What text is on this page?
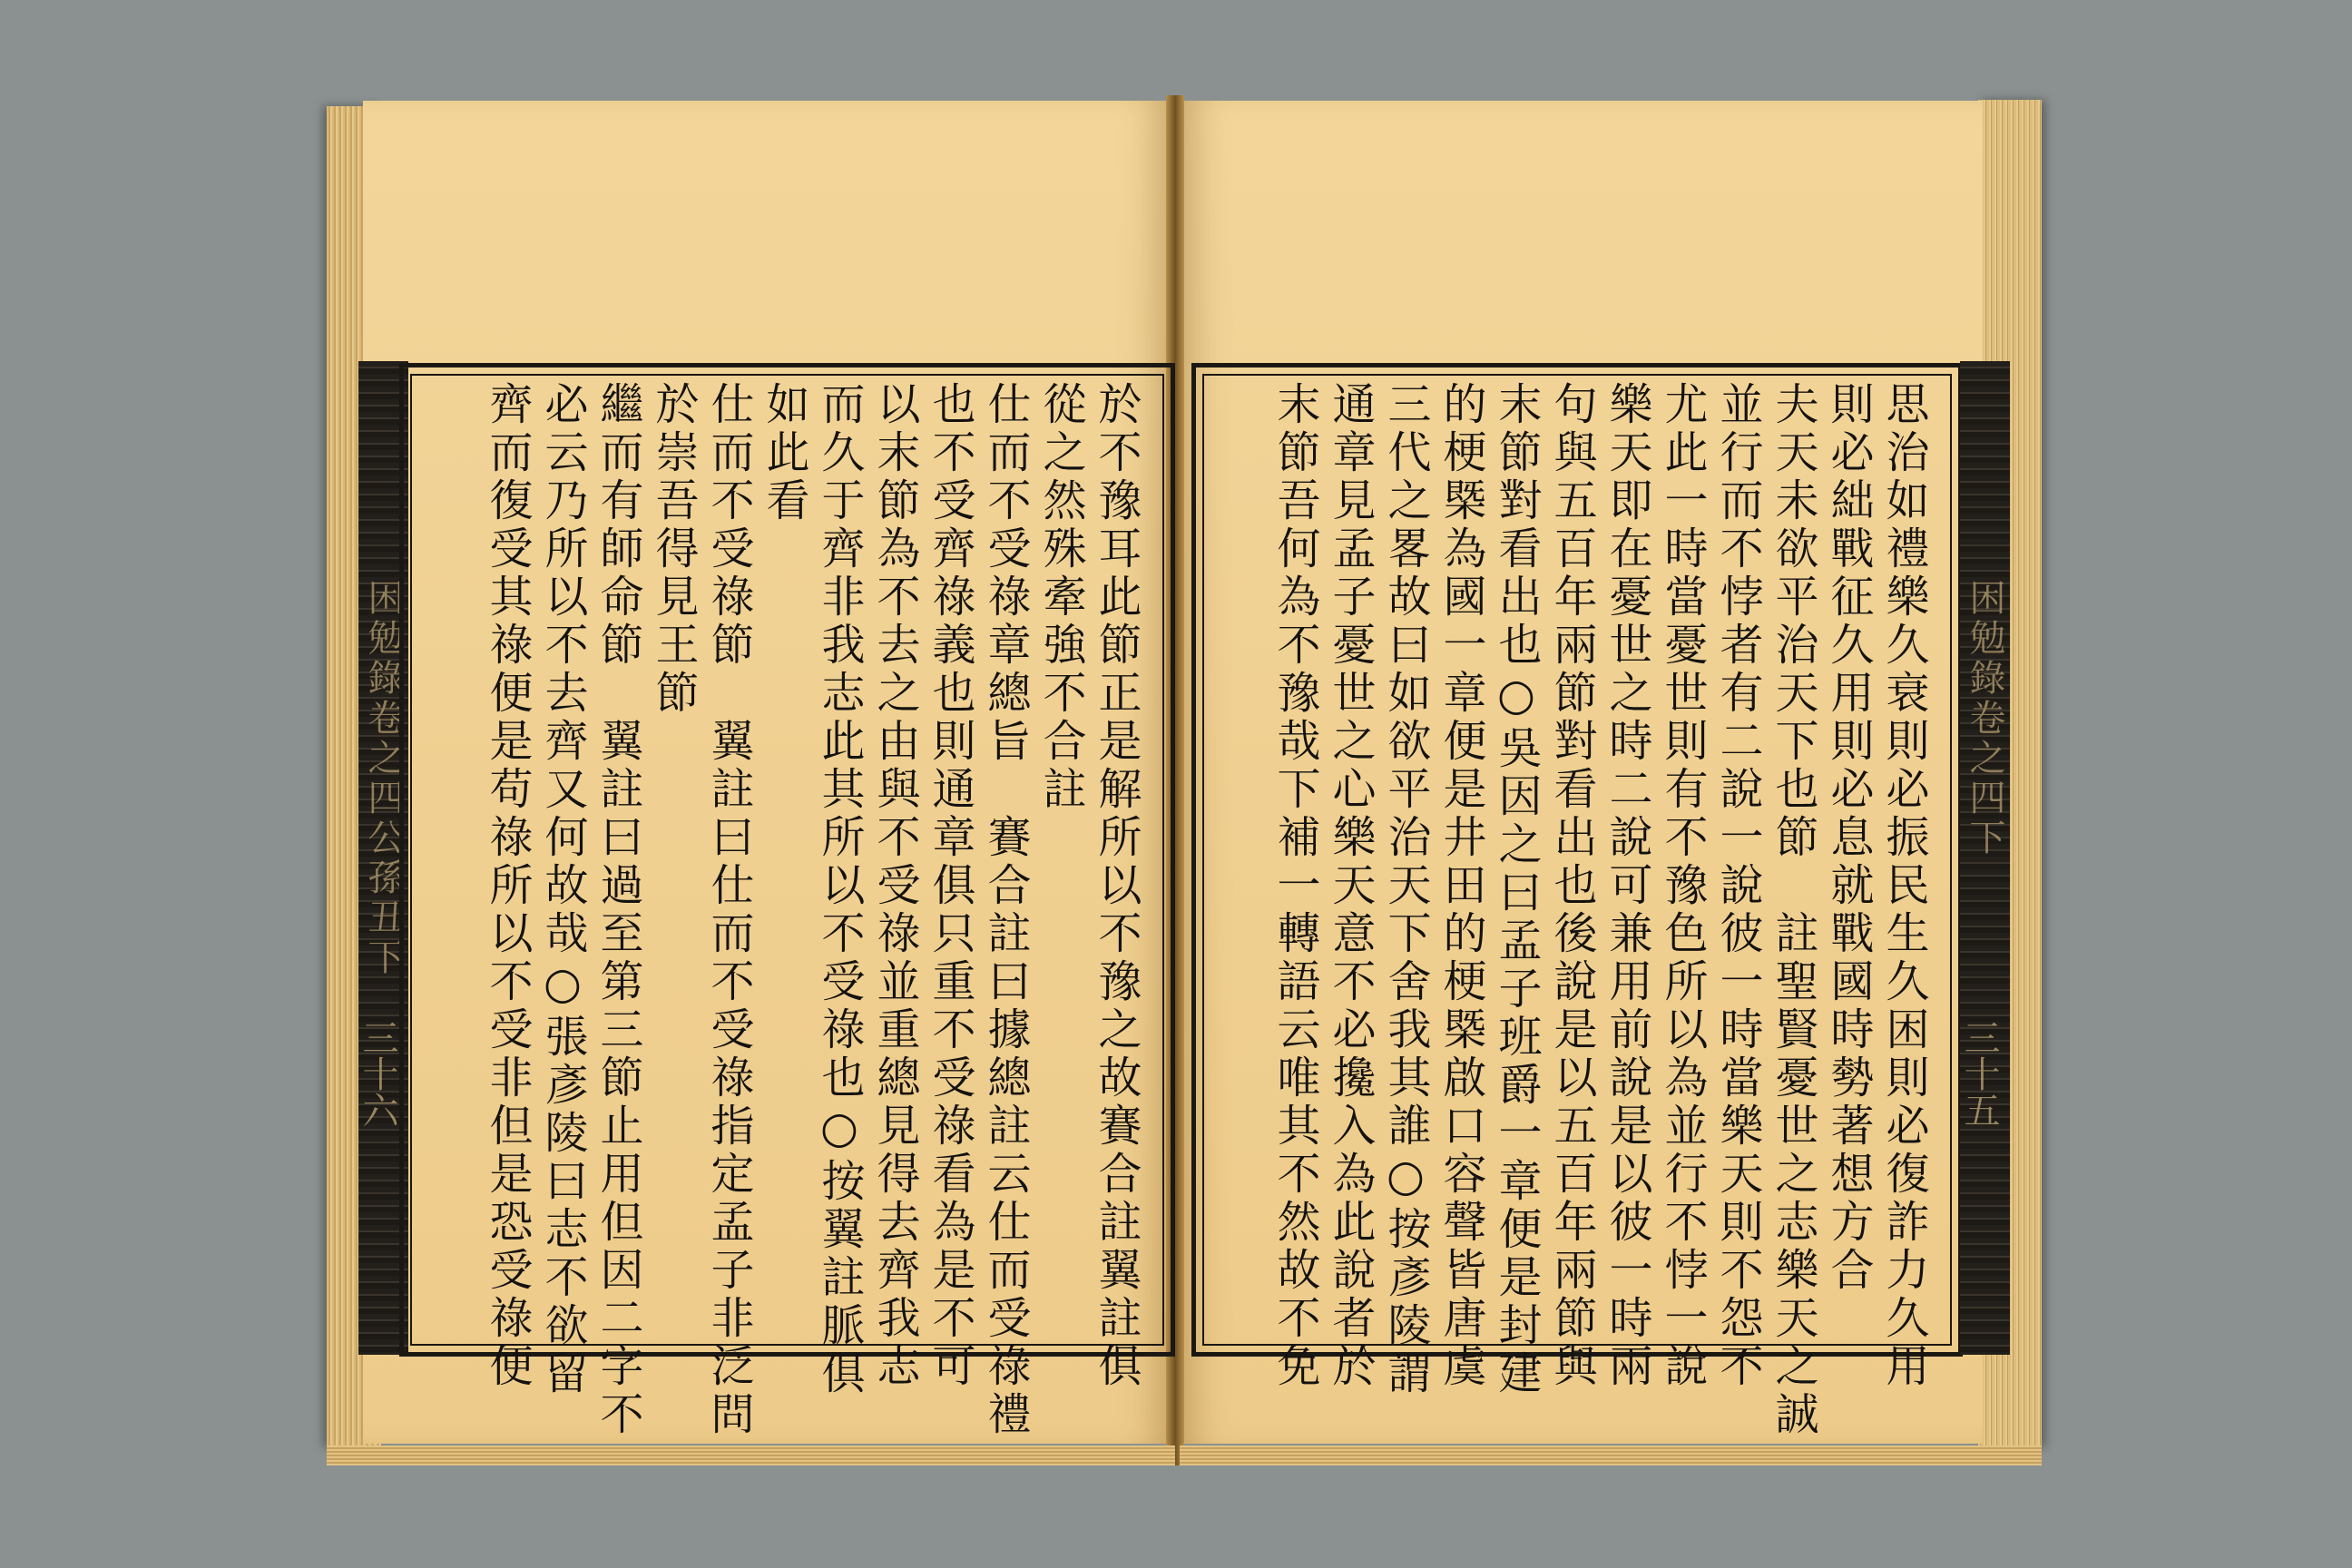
困勉錄卷之四公孫丑下
三十六	於不豫耳此節正是解所以不豫之故賽合註翼註俱
從之然殊牽強不合註
仕而不受祿章總旨　賽合註曰據總註云仕而受祿禮
也不受齊祿義也則通章俱只重不受祿看為是不可
以末節為不去之由與不受祿並重總見得去齊我志
而久于齊非我志此其所以不受祿也○按翼註脈俱
如此看
仕而不受祿節　翼註曰仕而不受祿指定孟子非泛問
於崇吾得見王節
繼而有師命節　翼註曰過至第三節止用但因二字不
必云乃所以不去齊又何故哉○張彥陵曰志不欲留
齊而復受其祿便是苟祿所以不受非但是恐受祿便	困勉錄卷之四下
三十五
思治如禮樂久衰則必振民生久困則必復詐力久用
則必絀戰征久用則必息就戰國時勢著想方合
夫天未欲平治天下也節　註聖賢憂世之志樂天之誠
並行而不悖者有二說一說彼一時當樂天則不怨不
尤此一時當憂世則有不豫色所以為並行不悖一說
樂天即在憂世之時二說可兼用前說是以彼一時兩
句與五百年兩節對看出也後說是以五百年兩節與
末節對看出也○吳因之曰孟子班爵一章便是封建
的梗槩為國一章便是井田的梗槩啟口容聲皆唐虞
三代之畧故曰如欲平治天下舍我其誰○按彥陵謂
通章見孟子憂世之心樂天意不必攙入為此說者於
末節吾何為不豫哉下補一轉語云唯其不然故不免
